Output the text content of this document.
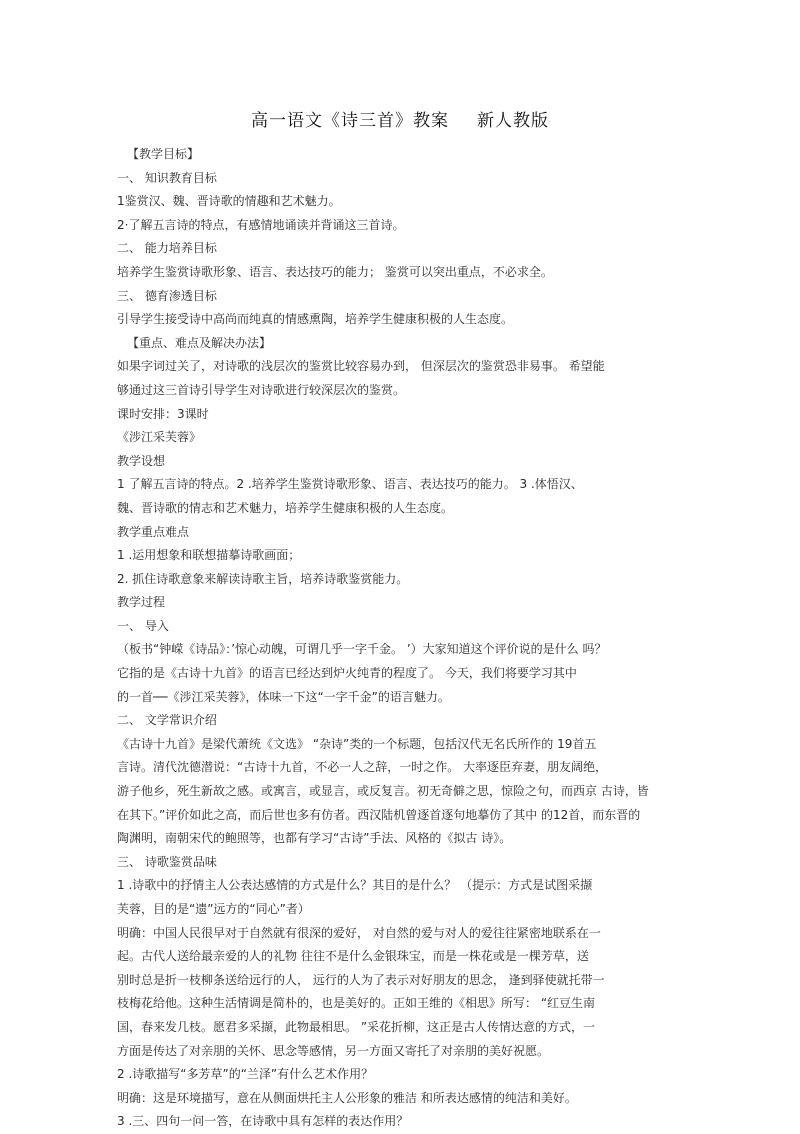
高一语文《诗三首》教案 新人教版
【教学目标】
一、 知识教育目标
1鉴赏汉、魏、晋诗歌的情趣和艺术魅力。
2·了解五言诗的特点，有感情地诵读并背诵这三首诗。
二、 能力培养目标
培养学生鉴赏诗歌形象、语言、表达技巧的能力； 鉴赏可以突出重点，不必求全。
三、 德育渗透目标
引导学生接受诗中高尚而纯真的情感熏陶，培养学生健康积极的人生态度。
【重点、难点及解决办法】
如果字词过关了，对诗歌的浅层次的鉴赏比较容易办到， 但深层次的鉴赏恐非易事。 希望能
够通过这三首诗引导学生对诗歌进行较深层次的鉴赏。
课时安排：3课时
《涉江采芙蓉》
教学设想
1 了解五言诗的特点。2 .培养学生鉴赏诗歌形象、语言、表达技巧的能力。 3 .体悟汉、
魏、晋诗歌的情志和艺术魅力，培养学生健康积极的人生态度。
教学重点难点
1 .运用想象和联想描摹诗歌画面；
2. 抓住诗歌意象来解读诗歌主旨，培养诗歌鉴赏能力。
教学过程
一、 导入
（板书“钟嵘《诗品》：’惊心动魄，可谓几乎一字千金。 ’）大家知道这个评价说的是什么 吗？
它指的是《古诗十九首》的语言已经达到炉火纯青的程度了。 今天，我们将要学习其中
的一首──《涉江采芙蓉》，体味一下这“一字千金”的语言魅力。
二、 文学常识介绍
《古诗十九首》是梁代萧统《文选》 “杂诗”类的一个标题，包括汉代无名氏所作的 19首五
言诗。清代沈德潜说：“古诗十九首，不必一人之辞，一时之作。 大率逐臣弃妻，朋友阔绝，
游子他乡，死生新故之感。或寓言，或显言，或反复言。初无奇僻之思，惊险之句，而西京 古诗，皆
在其下。”评价如此之高，而后世也多有仿者。西汉陆机曾逐首逐句地摹仿了其中 的12首，而东晋的
陶渊明，南朝宋代的鲍照等，也都有学习“古诗”手法、风格的《拟古 诗》。
三、 诗歌鉴赏品味
1 .诗歌中的抒情主人公表达感情的方式是什么？其目的是什么？ （提示：方式是试图采撷
芙蓉，目的是“遗”远方的“同心”者）
明确：中国人民很早对于自然就有很深的爱好， 对自然的爱与对人的爱往往紧密地联系在一
起。古代人送给最亲爱的人的礼物 往往不是什么金银珠宝，而是一株花或是一棵芳草，送
别时总是折一枝柳条送给远行的人， 远行的人为了表示对好朋友的思念， 逢到驿使就托带一
枝梅花给他。这种生活情调是简朴的，也是美好的。正如王维的《相思》所写： “红豆生南
国，春来发几枝。愿君多采撷，此物最相思。 ”采花折柳，这正是古人传情达意的方式，一
方面是传达了对亲朋的关怀、思念等感情，另一方面又寄托了对亲朋的美好祝愿。
2 .诗歌描写“多芳草”的“兰泽”有什么艺术作用？
明确：这是环境描写，意在从侧面烘托主人公形象的雅洁 和所表达感情的纯洁和美好。
3 .三、四句一问一答，在诗歌中具有怎样的表达作用？
